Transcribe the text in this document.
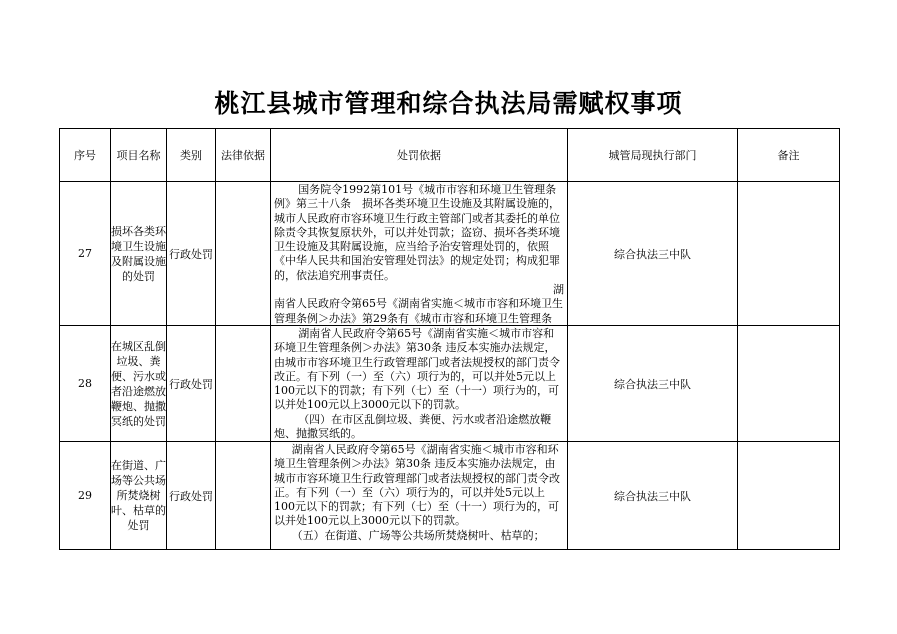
桃江县城市管理和综合执法局需赋权事项
序号	项目名称	类别	法律依据	处罚依据	城管局现执行部门	备注
27	损坏各类环境卫生设施及附属设施的处罚	行政处罚		国务院令1992第101号《城市市容和环境卫生管理条例》第三十八条　损坏各类环境卫生设施及其附属设施的，城市人民政府市容环境卫生行政主管部门或者其委托的单位除责令其恢复原状外，可以并处罚款；盗窃、损坏各类环境卫生设施及其附属设施，应当给予治安管理处罚的，依照《中华人民共和国治安管理处罚法》的规定处罚；构成犯罪的，依法追究刑事责任。

湖

南省人民政府令第65号《湖南省实施＜城市市容和环境卫生管理条例＞办法》第29条有《城市市容和环境卫生管理条	综合执法三中队	
28	在城区乱倒垃圾、粪便、污水或者沿途燃放鞭炮、抛撒冥纸的处罚	行政处罚		湖南省人民政府令第65号《湖南省实施＜城市市容和环境卫生管理条例＞办法》第30条 违反本实施办法规定，由城市市容环境卫生行政管理部门或者法规授权的部门责令改正。有下列（一）至（六）项行为的，可以并处5元以上100元以下的罚款；有下列（七）至（十一）项行为的，可以并处100元以上3000元以下的罚款。

（四）在市区乱倒垃圾、粪便、污水或者沿途燃放鞭炮、抛撒冥纸的。	综合执法三中队	
29	在街道、广场等公共场所焚烧树叶、枯草的处罚	行政处罚		湖南省人民政府令第65号《湖南省实施＜城市市容和环境卫生管理条例＞办法》第30条 违反本实施办法规定，由城市市容环境卫生行政管理部门或者法规授权的部门责令改正。有下列（一）至（六）项行为的，可以并处5元以上100元以下的罚款；有下列（七）至（十一）项行为的，可以并处100元以上3000元以下的罚款。

（五）在街道、广场等公共场所焚烧树叶、枯草的；	综合执法三中队	
